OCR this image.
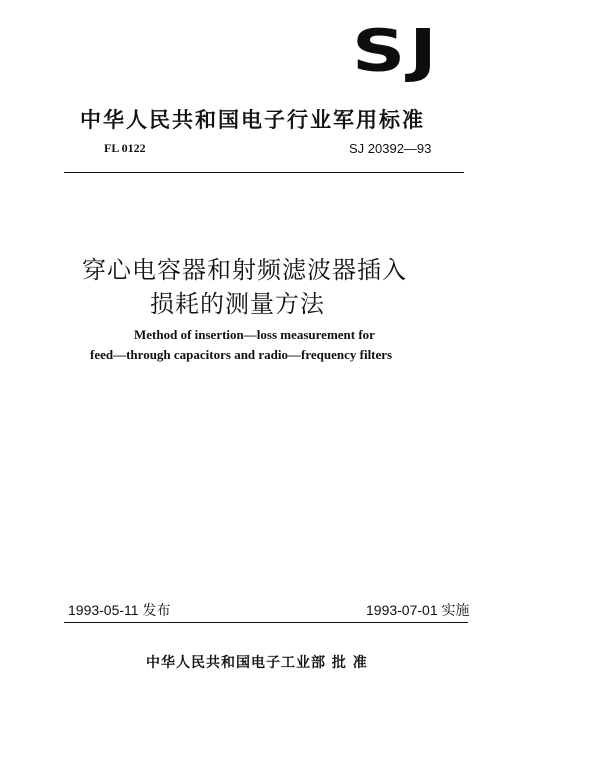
SJ
中华人民共和国电子行业军用标准
FL 0122	SJ 20392—93
穿心电容器和射频滤波器插入
损耗的测量方法
Method of insertion—loss measurement for
feed—through capacitors and radio—frequency filters
1993-05-11 发布	1993-07-01 实施
中华人民共和国电子工业部 批 准
